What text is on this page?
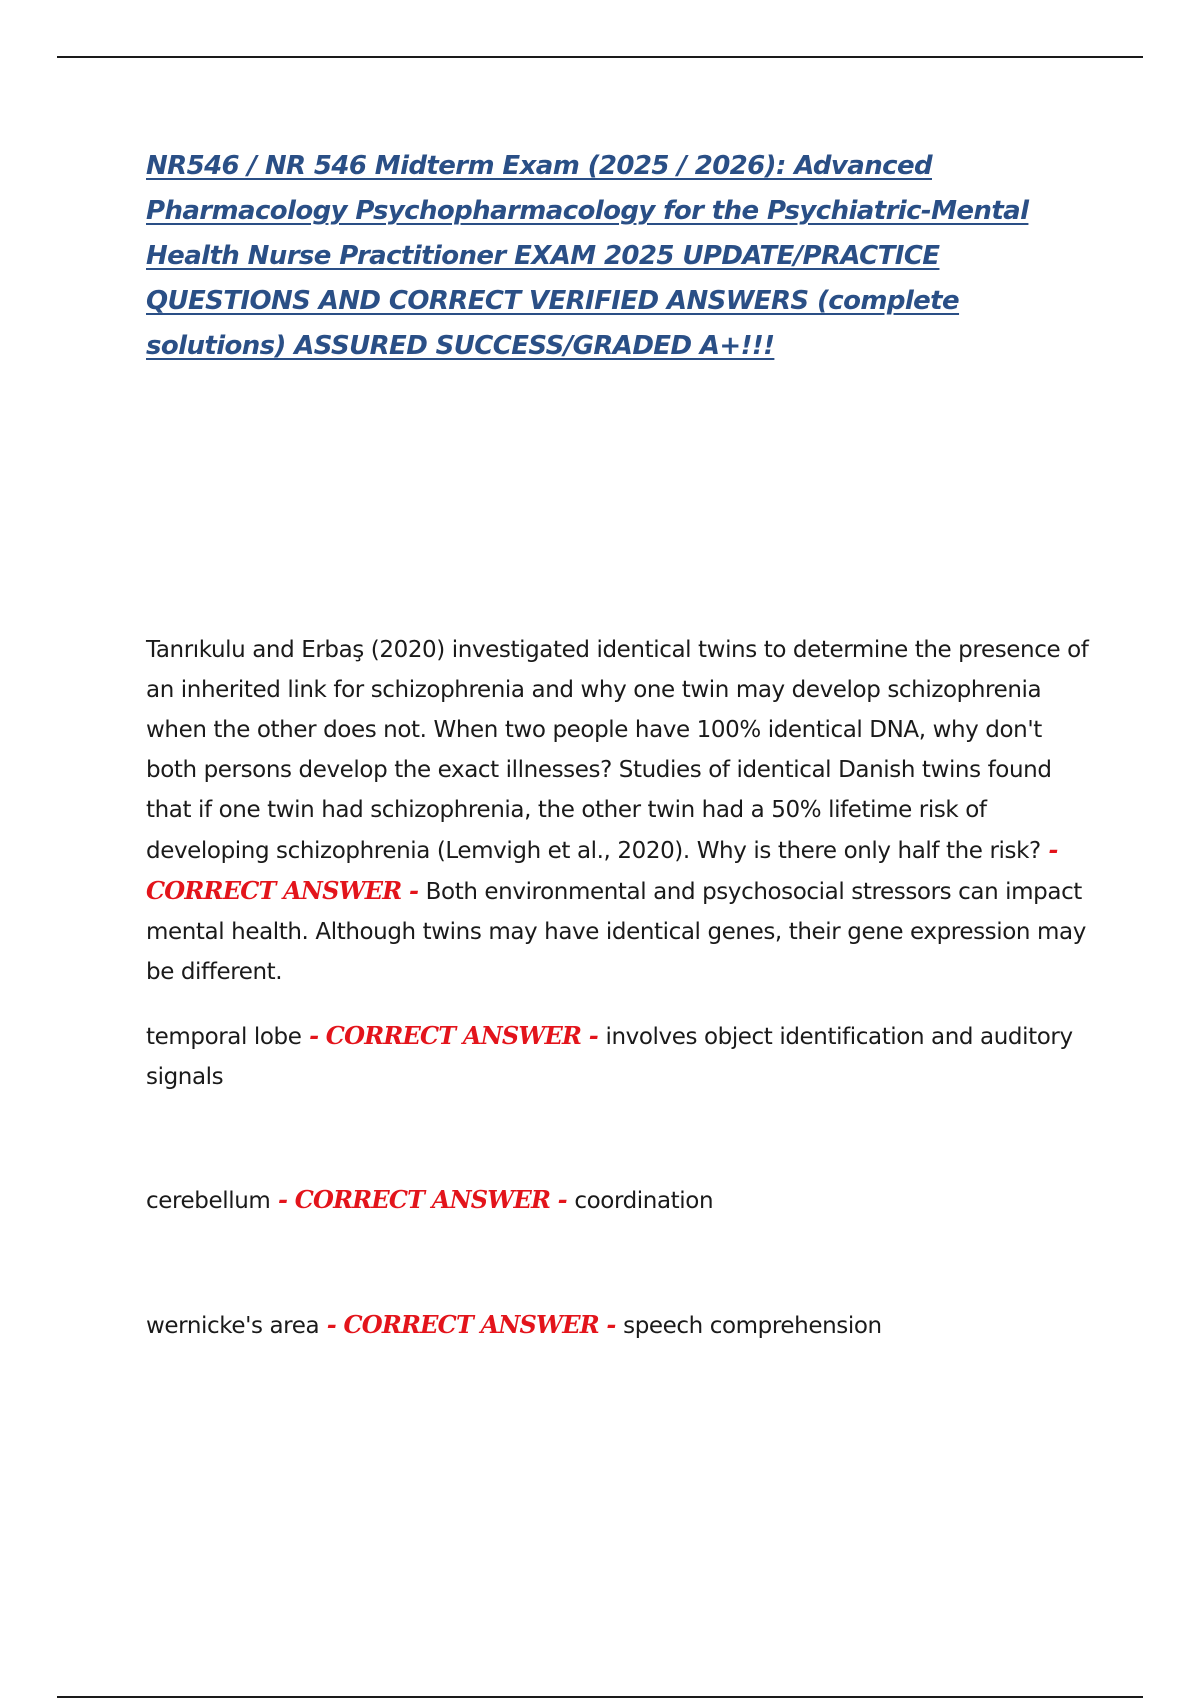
NR546 / NR 546 Midterm Exam (2025 / 2026): Advanced Pharmacology Psychopharmacology for the Psychiatric-Mental Health Nurse Practitioner EXAM 2025 UPDATE/PRACTICE QUESTIONS AND CORRECT VERIFIED ANSWERS (complete solutions) ASSURED SUCCESS/GRADED A+!!!

Tanrıkulu and Erbaş (2020) investigated identical twins to determine the presence of an inherited link for schizophrenia and why one twin may develop schizophrenia when the other does not. When two people have 100% identical DNA, why don't both persons develop the exact illnesses? Studies of identical Danish twins found that if one twin had schizophrenia, the other twin had a 50% lifetime risk of developing schizophrenia (Lemvigh et al., 2020). Why is there only half the risk? - CORRECT ANSWER - Both environmental and psychosocial stressors can impact mental health. Although twins may have identical genes, their gene expression may be different.

temporal lobe - CORRECT ANSWER - involves object identification and auditory signals

cerebellum - CORRECT ANSWER - coordination

wernicke's area - CORRECT ANSWER - speech comprehension
